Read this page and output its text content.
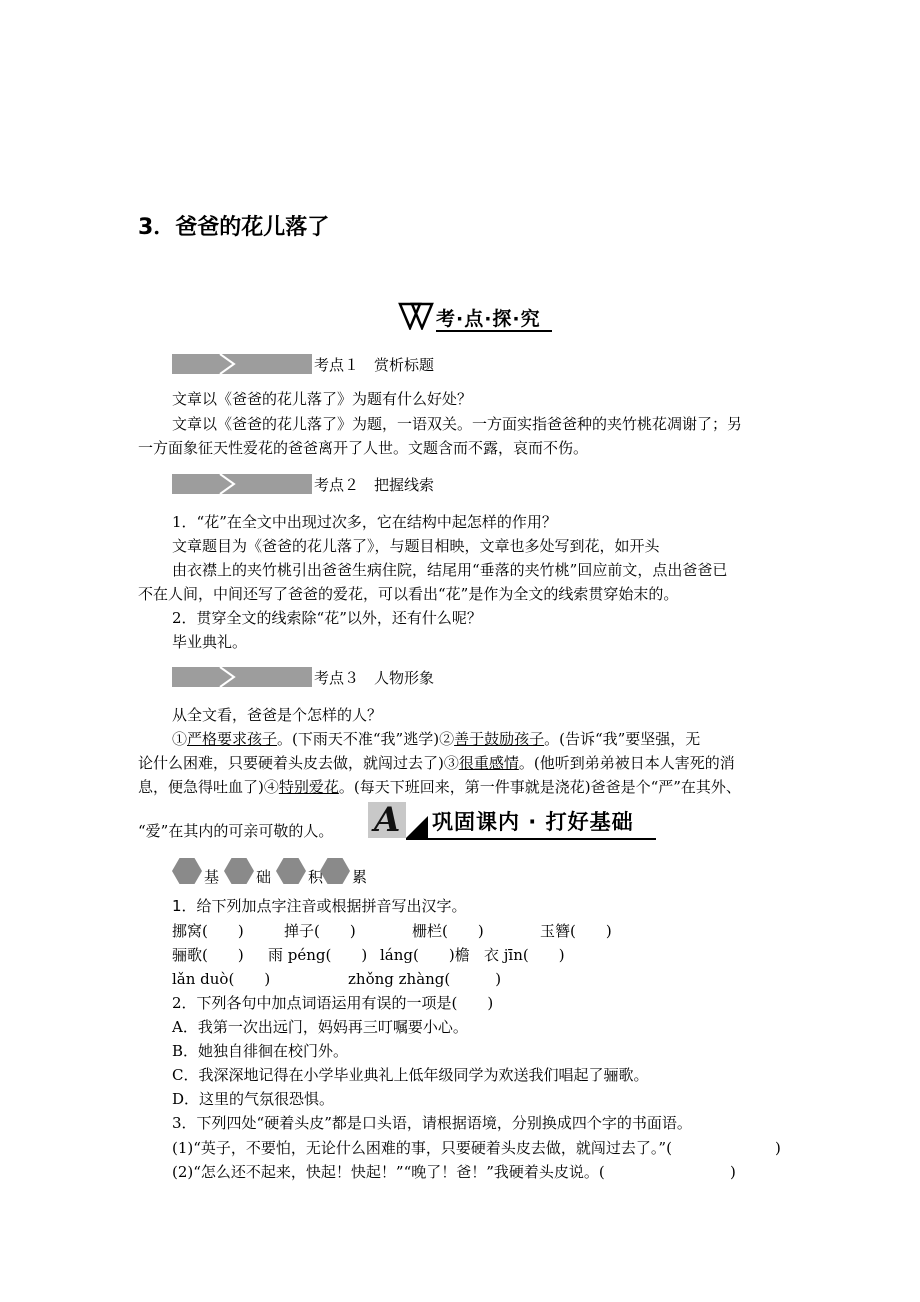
3．爸爸的花儿落了
考·点·探·究
考点１　赏析标题

文章以《爸爸的花儿落了》为题有什么好处？

文章以《爸爸的花儿落了》为题，一语双关。一方面实指爸爸种的夹竹桃花凋谢了；另

一方面象征天性爱花的爸爸离开了人世。文题含而不露，哀而不伤。

考点２　把握线索

1．“花”在全文中出现过次多，它在结构中起怎样的作用？

文章题目为《爸爸的花儿落了》，与题目相映，文章也多处写到花，如开头

由衣襟上的夹竹桃引出爸爸生病住院，结尾用“垂落的夹竹桃”回应前文，点出爸爸已

不在人间，中间还写了爸爸的爱花，可以看出“花”是作为全文的线索贯穿始末的。

2．贯穿全文的线索除“花”以外，还有什么呢？

毕业典礼。

考点３　人物形象

从全文看，爸爸是个怎样的人？

①严格要求孩子。(下雨天不准“我”逃学)②善于鼓励孩子。(告诉“我”要坚强，无

论什么困难，只要硬着头皮去做，就闯过去了)③很重感情。(他听到弟弟被日本人害死的消

息，便急得吐血了)④特别爱花。(每天下班回来，第一件事就是浇花)爸爸是个“严”在其外、

“爱”在其内的可亲可敬的人。 A 巩固课内 · 打好基础
基 础 积 累

1．给下列加点字注音或根据拼音写出汉字。

挪窝(　　)	掸子(　　)	栅栏(　　)	玉簪(　　)

骊歌(　　) 雨 péng(　　) láng(　　)檐 衣 jīn(　　)

lǎn duò(　　)	zhǒng zhàng(　　　)

2．下列各句中加点词语运用有误的一项是(　　)

A．我第一次出远门，妈妈再三叮嘱要小心。

B．她独自徘徊在校门外。

C．我深深地记得在小学毕业典礼上低年级同学为欢送我们唱起了骊歌。

D．这里的气氛很恐惧。

3．下列四处“硬着头皮”都是口头语，请根据语境，分别换成四个字的书面语。

(1)“英子，不要怕，无论什么困难的事，只要硬着头皮去做，就闯过去了。”(	)

(2)“怎么还不起来，快起！快起！”“晚了！爸！”我硬着头皮说。(	)
